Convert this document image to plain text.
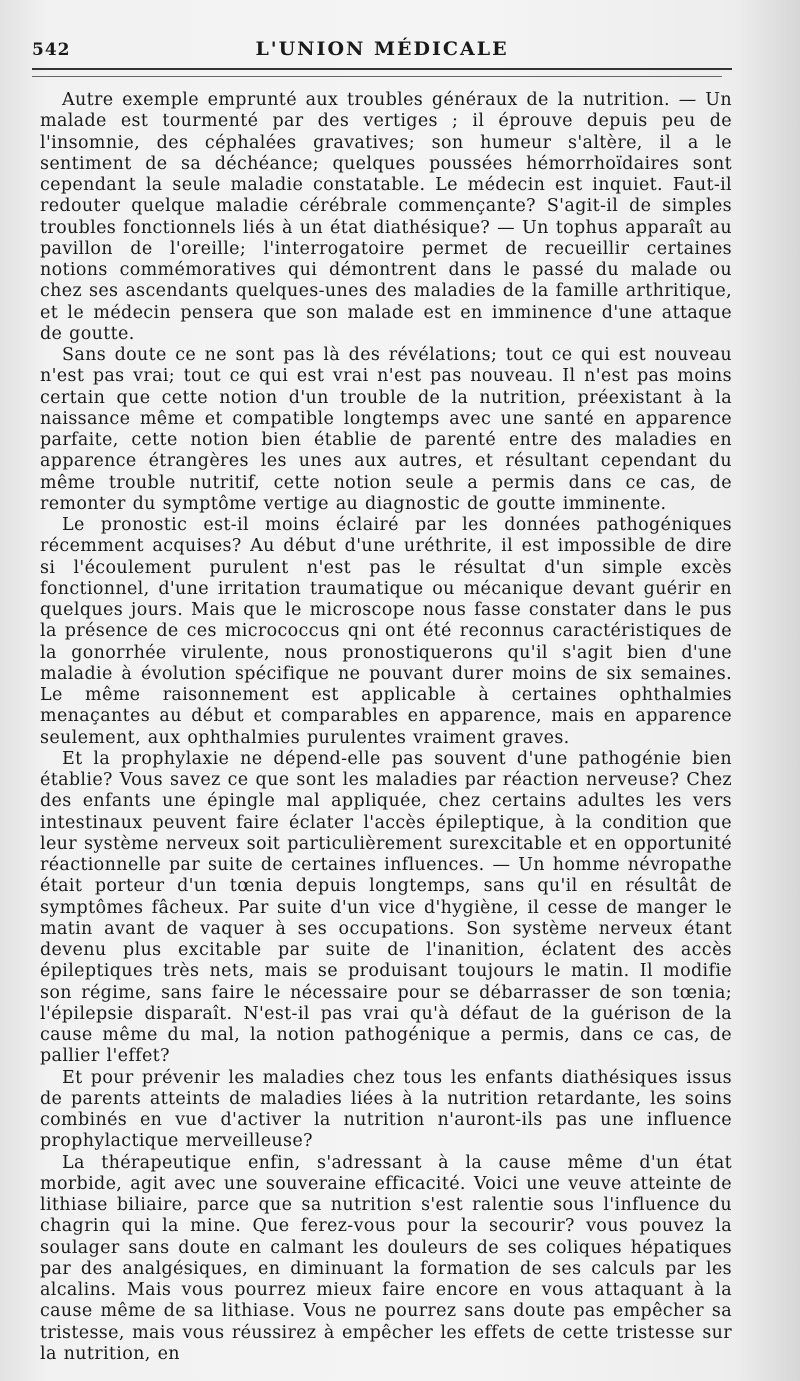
542	L'UNION MÉDICALE

Autre exemple emprunté aux troubles généraux de la nutrition. — Un malade est tourmenté par des vertiges ; il éprouve depuis peu de l'insomnie, des céphalées gravatives; son humeur s'altère, il a le sentiment de sa déchéance; quelques poussées hémorrhoïdaires sont cependant la seule maladie constatable. Le médecin est inquiet. Faut-il redouter quelque maladie cérébrale commençante? S'agit-il de simples troubles fonctionnels liés à un état diathésique? — Un tophus apparaît au pavillon de l'oreille; l'interrogatoire permet de recueillir certaines notions commémoratives qui démontrent dans le passé du malade ou chez ses ascendants quelques-unes des maladies de la famille arthritique, et le médecin pensera que son malade est en imminence d'une attaque de goutte.

Sans doute ce ne sont pas là des révélations; tout ce qui est nouveau n'est pas vrai; tout ce qui est vrai n'est pas nouveau. Il n'est pas moins certain que cette notion d'un trouble de la nutrition, préexistant à la naissance même et compatible longtemps avec une santé en apparence parfaite, cette notion bien établie de parenté entre des maladies en apparence étrangères les unes aux autres, et résultant cependant du même trouble nutritif, cette notion seule a permis dans ce cas, de remonter du symptôme vertige au diagnostic de goutte imminente.

Le pronostic est-il moins éclairé par les données pathogéniques récemment acquises? Au début d'une uréthrite, il est impossible de dire si l'écoulement purulent n'est pas le résultat d'un simple excès fonctionnel, d'une irritation traumatique ou mécanique devant guérir en quelques jours. Mais que le microscope nous fasse constater dans le pus la présence de ces micrococcus qni ont été reconnus caractéristiques de la gonorrhée virulente, nous pronostiquerons qu'il s'agit bien d'une maladie à évolution spécifique ne pouvant durer moins de six semaines. Le même raisonnement est applicable à certaines ophthalmies menaçantes au début et comparables en apparence, mais en apparence seulement, aux ophthalmies purulentes vraiment graves.

Et la prophylaxie ne dépend-elle pas souvent d'une pathogénie bien établie? Vous savez ce que sont les maladies par réaction nerveuse? Chez des enfants une épingle mal appliquée, chez certains adultes les vers intestinaux peuvent faire éclater l'accès épileptique, à la condition que leur système nerveux soit particulièrement surexcitable et en opportunité réactionnelle par suite de certaines influences. — Un homme névropathe était porteur d'un tœnia depuis longtemps, sans qu'il en résultât de symptômes fâcheux. Par suite d'un vice d'hygiène, il cesse de manger le matin avant de vaquer à ses occupations. Son système nerveux étant devenu plus excitable par suite de l'inanition, éclatent des accès épileptiques très nets, mais se produisant toujours le matin. Il modifie son régime, sans faire le nécessaire pour se débarrasser de son tœnia; l'épilepsie disparaît. N'est-il pas vrai qu'à défaut de la guérison de la cause même du mal, la notion pathogénique a permis, dans ce cas, de pallier l'effet?

Et pour prévenir les maladies chez tous les enfants diathésiques issus de parents atteints de maladies liées à la nutrition retardante, les soins combinés en vue d'activer la nutrition n'auront-ils pas une influence prophylactique merveilleuse?

La thérapeutique enfin, s'adressant à la cause même d'un état morbide, agit avec une souveraine efficacité. Voici une veuve atteinte de lithiase biliaire, parce que sa nutrition s'est ralentie sous l'influence du chagrin qui la mine. Que ferez-vous pour la secourir? vous pouvez la soulager sans doute en calmant les douleurs de ses coliques hépatiques par des analgésiques, en diminuant la formation de ses calculs par les alcalins. Mais vous pourrez mieux faire encore en vous attaquant à la cause même de sa lithiase. Vous ne pourrez sans doute pas empêcher sa tristesse, mais vous réussirez à empêcher les effets de cette tristesse sur la nutrition, en
